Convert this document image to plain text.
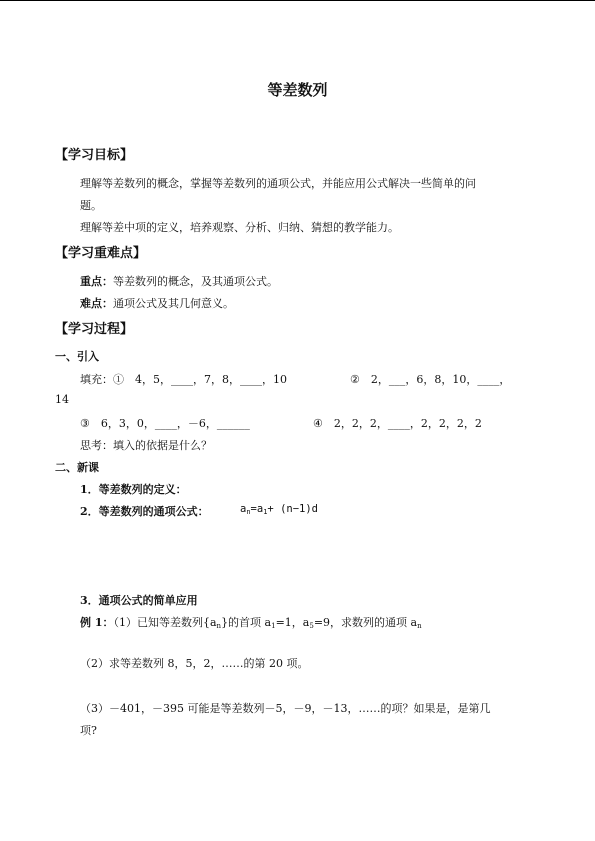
等差数列
【学习目标】
理解等差数列的概念，掌握等差数列的通项公式，并能应用公式解决一些简单的问
题。
理解等差中项的定义，培养观察、分析、归纳、猜想的教学能力。
【学习重难点】
重点：等差数列的概念，及其通项公式。
难点：通项公式及其几何意义。
【学习过程】
一、引入
填充：①　4，5，____，7，8，____，10	②　2，___，6，8，10，____，
14
③　6，3，0，____，－6，______	④　2，2，2，____，2，2，2，2
思考：填入的依据是什么？
二、新课
1．等差数列的定义：
2．等差数列的通项公式：	$a_n=a_1+ (n-1)d$
3．通项公式的简单应用
例 1：（1）已知等差数列$\{a_n\}$的首项 $a_1=1$，$a_5=9$，求数列的通项 $a_n$
（2）求等差数列 8，5，2，……的第 20 项。
（3）－401，－395 可能是等差数列－5，－9，－13，……的项？如果是，是第几
项?
